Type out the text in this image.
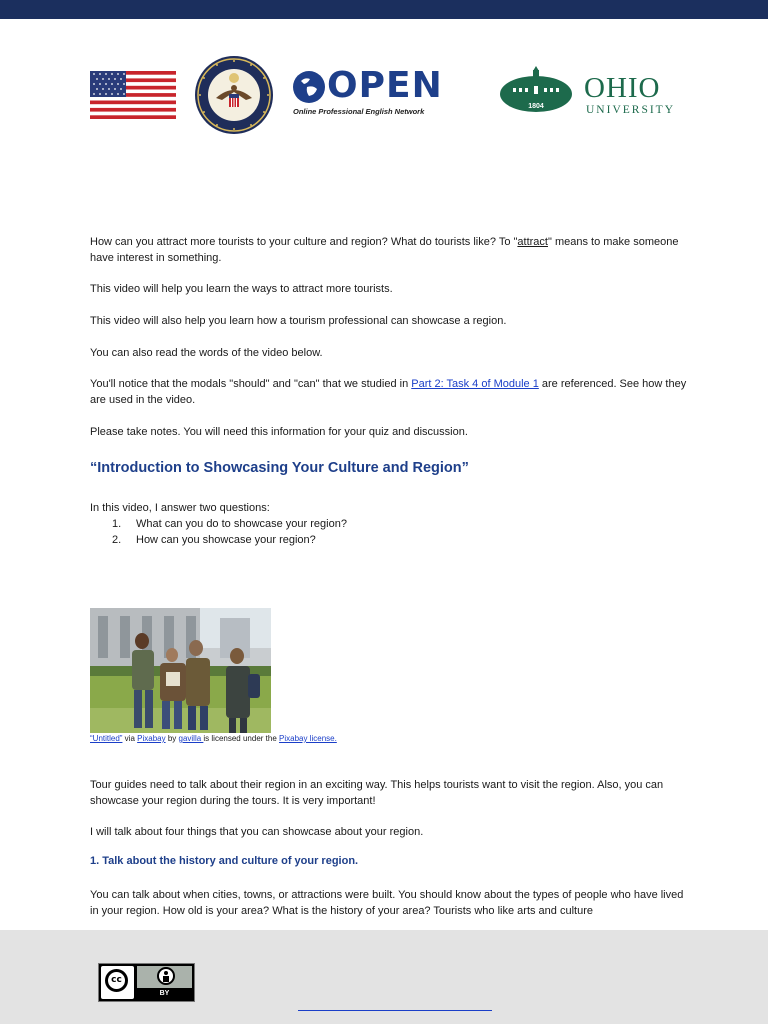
OPEN
Online Professional English Network
1804
OHIO
UNIVERSITY

How can you attract more tourists to your culture and region? What do tourists like? To "attract" means to make someone have interest in something.

This video will help you learn the ways to attract more tourists.

This video will also help you learn how a tourism professional can showcase a region.

You can also read the words of the video below.

You'll notice that the modals "should" and "can" that we studied in Part 2: Task 4 of Module 1 are referenced. See how they are used in the video.

Please take notes. You will need this information for your quiz and discussion.

“Introduction to Showcasing Your Culture and Region”

In this video, I answer two questions:

1. What can you do to showcase your region?
2. How can you showcase your region?
“Untitled” via Pixabay by gavilla is licensed under the Pixabay license.

Tour guides need to talk about their region in an exciting way. This helps tourists want to visit the region. Also, you can showcase your region during the tours. It is very important!

I will talk about four things that you can showcase about your region.

1. Talk about the history and culture of your region.

You can talk about when cities, towns, or attractions were built. You should know about the types of people who have lived in your region. How old is your area? What is the history of your area? Tourists who like arts and culture

cc
BY
